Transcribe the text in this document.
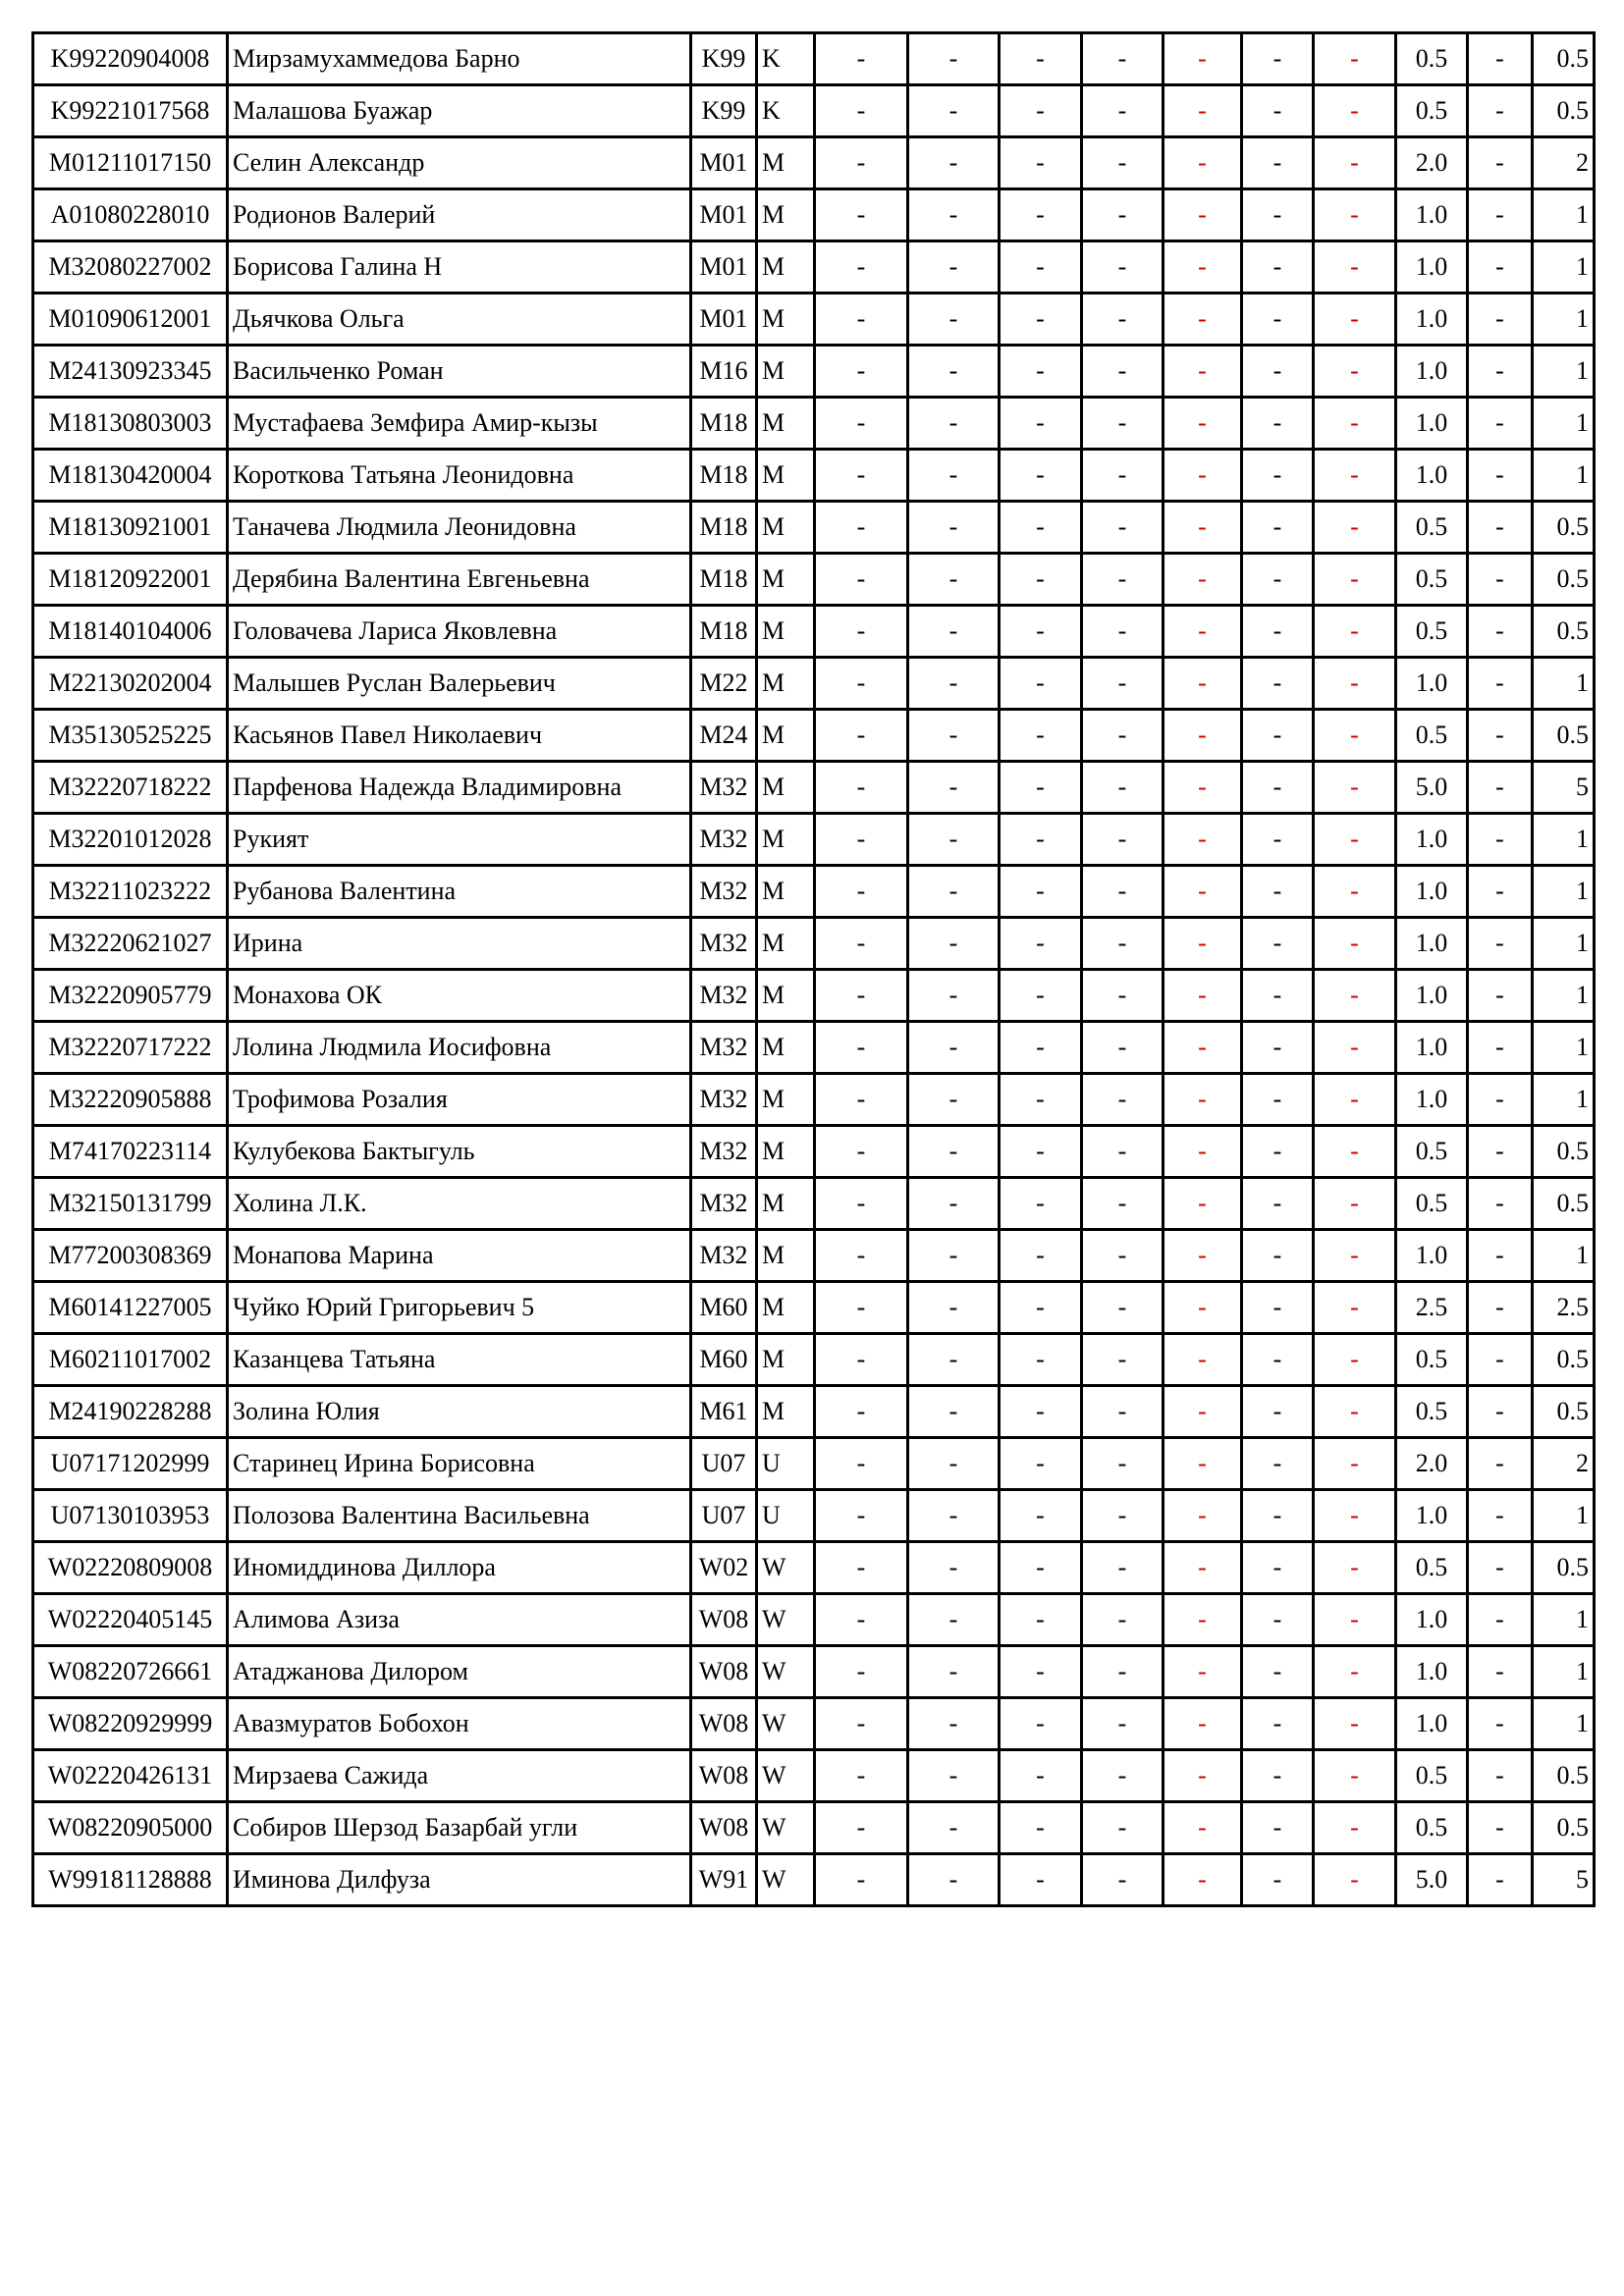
K99220904008	Мирзамухаммедова Барно	K99	K	-	-	-	-	-	-	-	0.5	-	0.5
K99221017568	Малашова Буажар	K99	K	-	-	-	-	-	-	-	0.5	-	0.5
M01211017150	Селин Александр	M01	M	-	-	-	-	-	-	-	2.0	-	2
A01080228010	Родионов Валерий	M01	M	-	-	-	-	-	-	-	1.0	-	1
M32080227002	Борисова Галина Н	M01	M	-	-	-	-	-	-	-	1.0	-	1
M01090612001	Дьячкова Ольга	M01	M	-	-	-	-	-	-	-	1.0	-	1
M24130923345	Васильченко Роман	M16	M	-	-	-	-	-	-	-	1.0	-	1
M18130803003	Мустафаева Земфира Амир-кызы	M18	M	-	-	-	-	-	-	-	1.0	-	1
M18130420004	Короткова Татьяна Леонидовна	M18	M	-	-	-	-	-	-	-	1.0	-	1
M18130921001	Таначева Людмила Леонидовна	M18	M	-	-	-	-	-	-	-	0.5	-	0.5
M18120922001	Дерябина Валентина Евгеньевна	M18	M	-	-	-	-	-	-	-	0.5	-	0.5
M18140104006	Головачева Лариса Яковлевна	M18	M	-	-	-	-	-	-	-	0.5	-	0.5
M22130202004	Малышев Руслан Валерьевич	M22	M	-	-	-	-	-	-	-	1.0	-	1
M35130525225	Касьянов Павел Николаевич	M24	M	-	-	-	-	-	-	-	0.5	-	0.5
M32220718222	Парфенова Надежда Владимировна	M32	M	-	-	-	-	-	-	-	5.0	-	5
M32201012028	Рукият	M32	M	-	-	-	-	-	-	-	1.0	-	1
M32211023222	Рубанова Валентина	M32	M	-	-	-	-	-	-	-	1.0	-	1
M32220621027	Ирина	M32	M	-	-	-	-	-	-	-	1.0	-	1
M32220905779	Монахова ОК	M32	M	-	-	-	-	-	-	-	1.0	-	1
M32220717222	Лолина Людмила Иосифовна	M32	M	-	-	-	-	-	-	-	1.0	-	1
M32220905888	Трофимова Розалия	M32	M	-	-	-	-	-	-	-	1.0	-	1
M74170223114	Кулубекова Бактыгуль	M32	M	-	-	-	-	-	-	-	0.5	-	0.5
M32150131799	Холина Л.К.	M32	M	-	-	-	-	-	-	-	0.5	-	0.5
M77200308369	Монапова Марина	M32	M	-	-	-	-	-	-	-	1.0	-	1
M60141227005	Чуйко Юрий Григорьевич 5	M60	M	-	-	-	-	-	-	-	2.5	-	2.5
M60211017002	Казанцева Татьяна	M60	M	-	-	-	-	-	-	-	0.5	-	0.5
M24190228288	Золина Юлия	M61	M	-	-	-	-	-	-	-	0.5	-	0.5
U07171202999	Старинец Ирина Борисовна	U07	U	-	-	-	-	-	-	-	2.0	-	2
U07130103953	Полозова Валентина Васильевна	U07	U	-	-	-	-	-	-	-	1.0	-	1
W02220809008	Иномиддинова Диллора	W02	W	-	-	-	-	-	-	-	0.5	-	0.5
W02220405145	Алимова Азиза	W08	W	-	-	-	-	-	-	-	1.0	-	1
W08220726661	Атаджанова Дилором	W08	W	-	-	-	-	-	-	-	1.0	-	1
W08220929999	Авазмуратов Бобохон	W08	W	-	-	-	-	-	-	-	1.0	-	1
W02220426131	Мирзаева Сажида	W08	W	-	-	-	-	-	-	-	0.5	-	0.5
W08220905000	Собиров Шерзод Базарбай угли	W08	W	-	-	-	-	-	-	-	0.5	-	0.5
W99181128888	Иминова Дилфуза	W91	W	-	-	-	-	-	-	-	5.0	-	5
